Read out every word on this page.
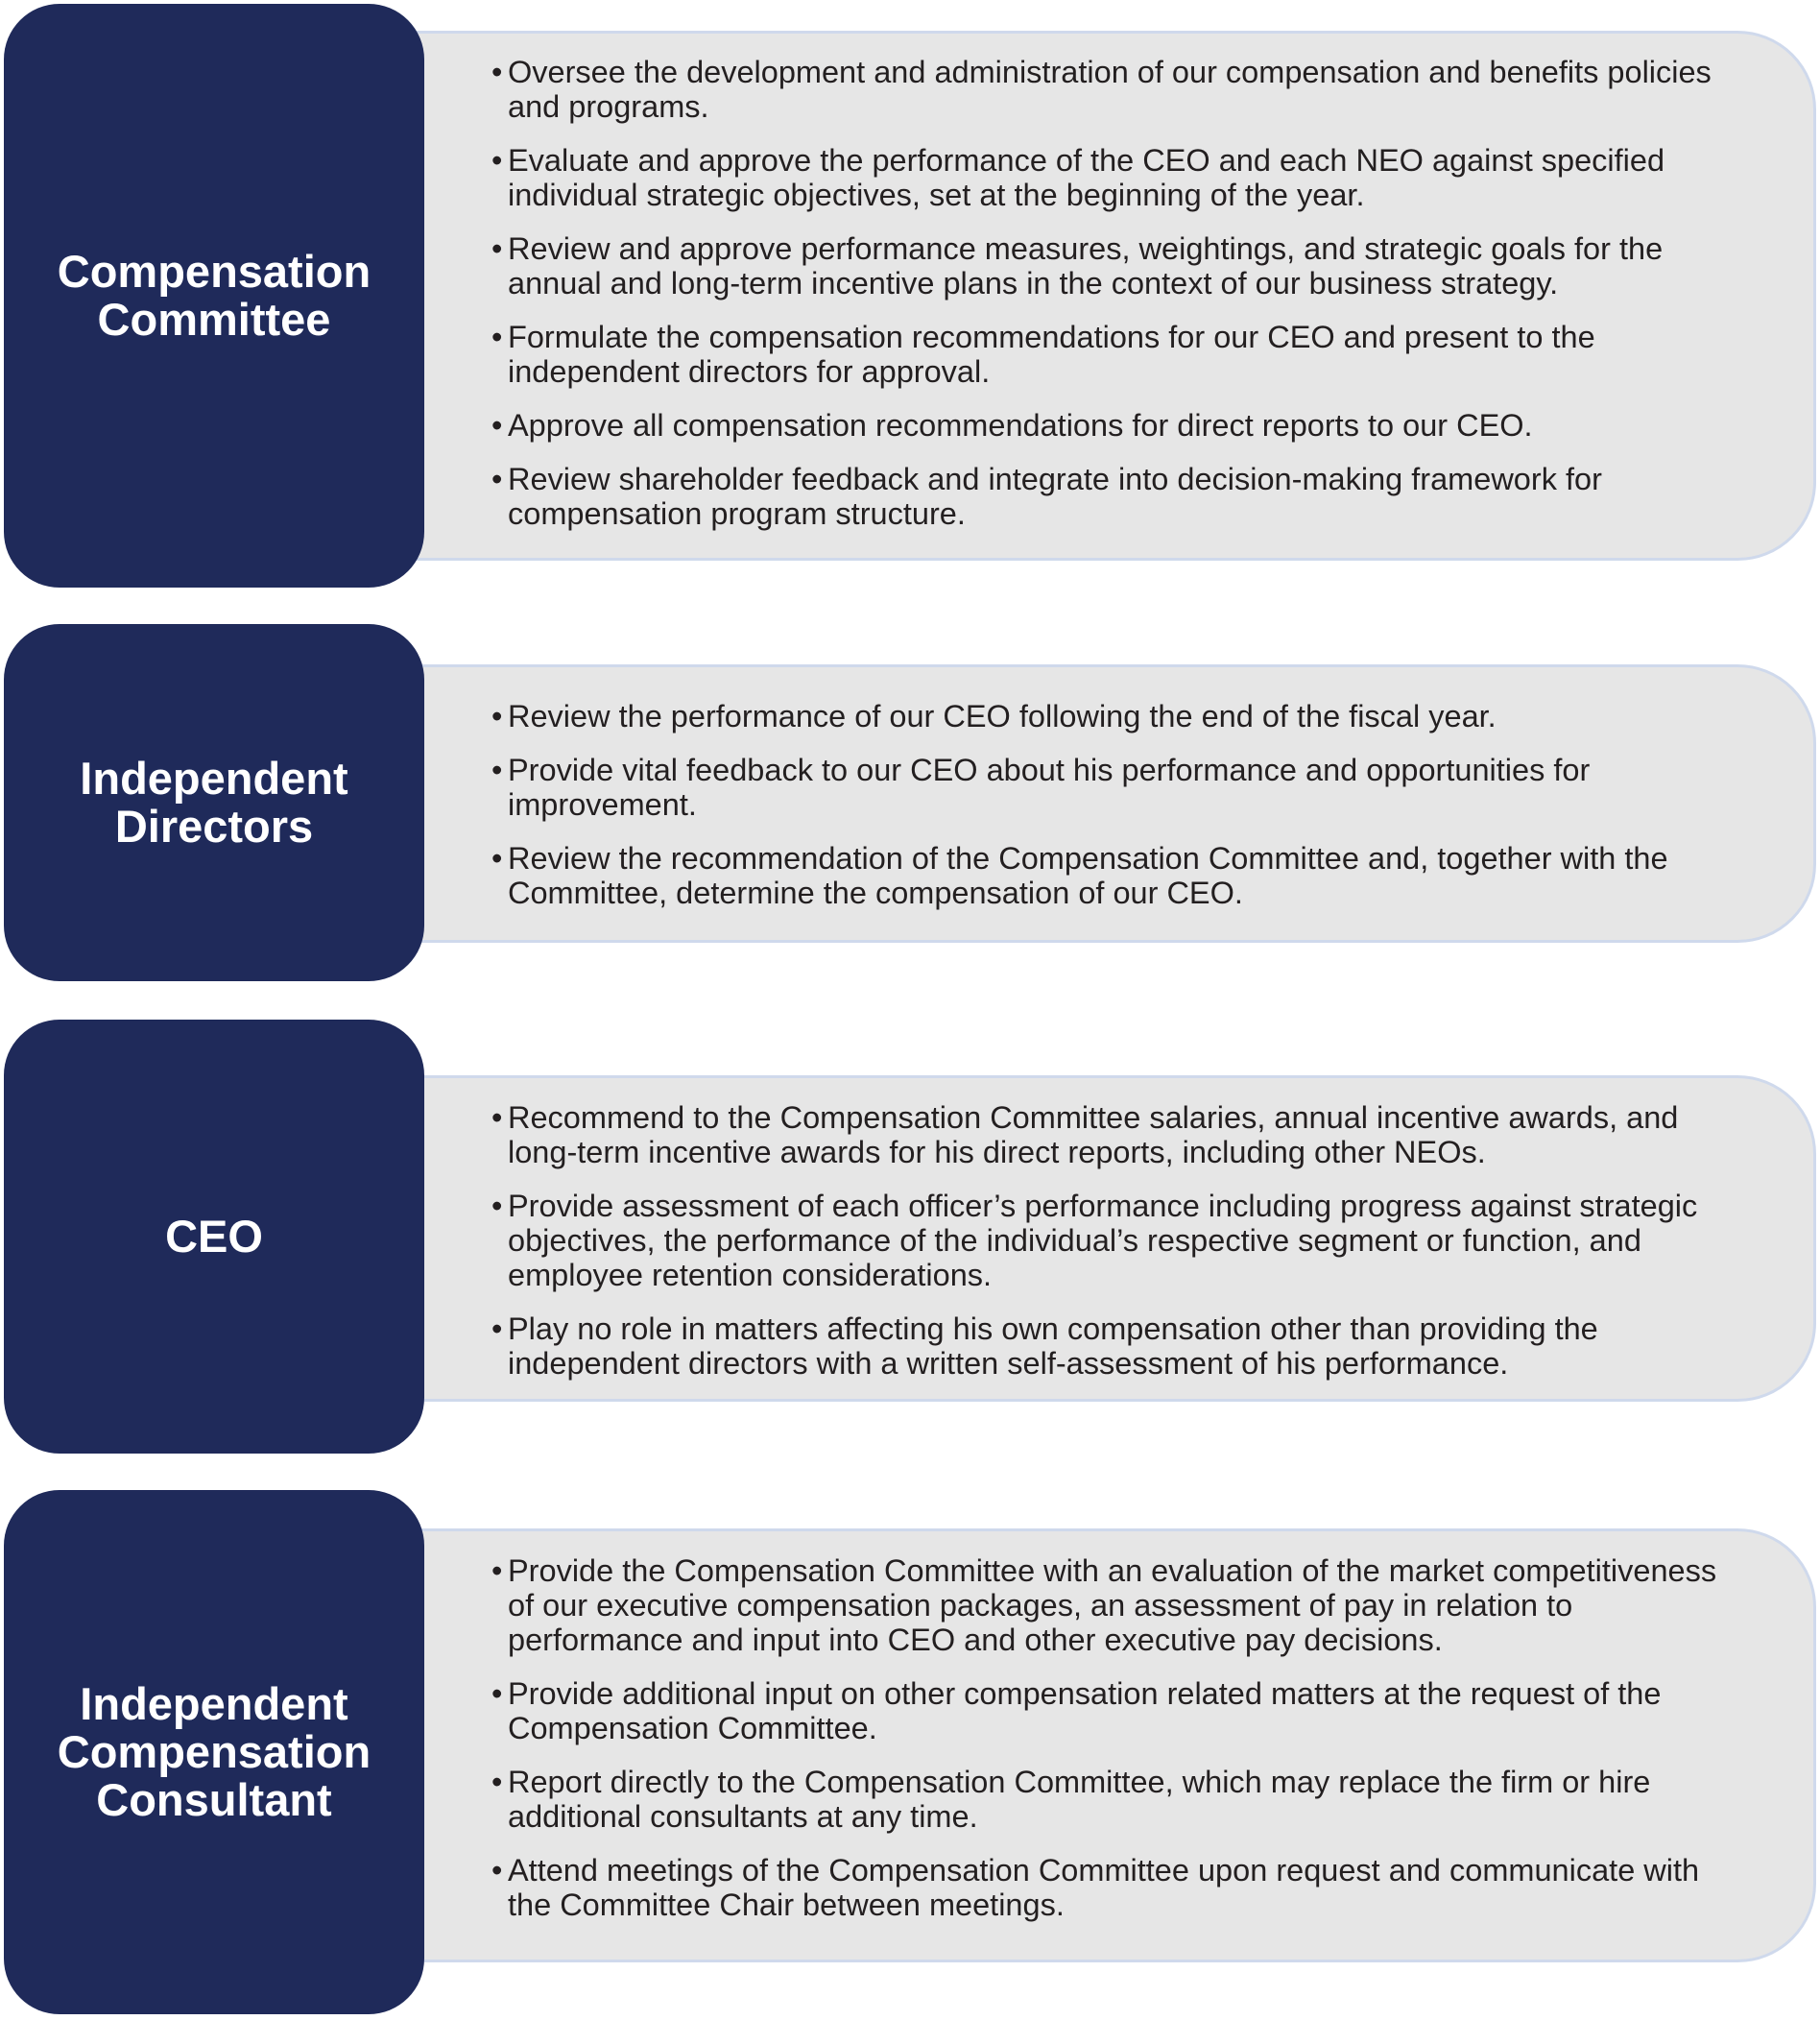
Compensation
Committee
• Oversee the development and administration of our compensation and benefits policies and programs.
• Evaluate and approve the performance of the CEO and each NEO against specified individual strategic objectives, set at the beginning of the year.
• Review and approve performance measures, weightings, and strategic goals for the annual and long-term incentive plans in the context of our business strategy.
• Formulate the compensation recommendations for our CEO and present to the independent directors for approval.
• Approve all compensation recommendations for direct reports to our CEO.
• Review shareholder feedback and integrate into decision-making framework for compensation program structure.
Independent
Directors
• Review the performance of our CEO following the end of the fiscal year.
• Provide vital feedback to our CEO about his performance and opportunities for improvement.
• Review the recommendation of the Compensation Committee and, together with the Committee, determine the compensation of our CEO.
CEO
• Recommend to the Compensation Committee salaries, annual incentive awards, and long-term incentive awards for his direct reports, including other NEOs.
• Provide assessment of each officer’s performance including progress against strategic objectives, the performance of the individual’s respective segment or function, and employee retention considerations.
• Play no role in matters affecting his own compensation other than providing the independent directors with a written self-assessment of his performance.
Independent
Compensation
Consultant
• Provide the Compensation Committee with an evaluation of the market competitiveness of our executive compensation packages, an assessment of pay in relation to performance and input into CEO and other executive pay decisions.
• Provide additional input on other compensation related matters at the request of the Compensation Committee.
• Report directly to the Compensation Committee, which may replace the firm or hire additional consultants at any time.
• Attend meetings of the Compensation Committee upon request and communicate with the Committee Chair between meetings.
